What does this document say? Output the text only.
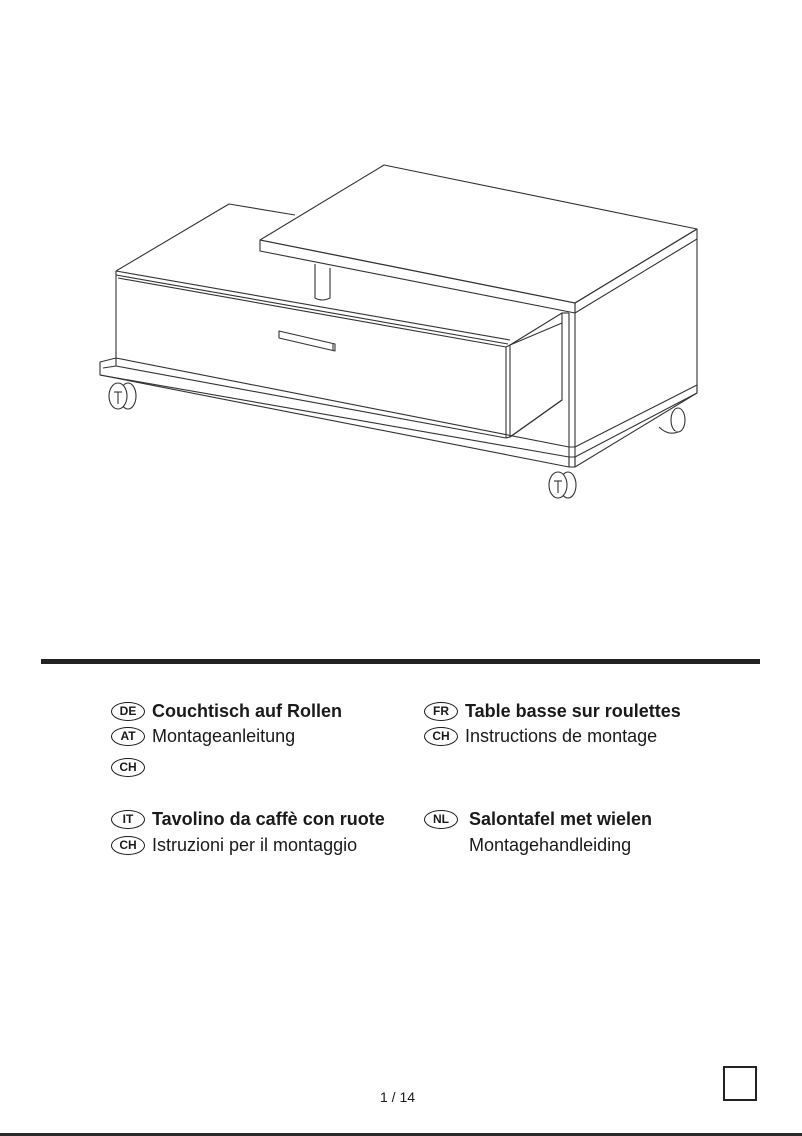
DE Couchtisch auf Rollen
AT Montageanleitung
CH
FR Table basse sur roulettes
CH Instructions de montage
IT	Tavolino da caffè con ruote
CH Istruzioni per il montaggio
NL	Salontafel met wielen
Montagehandleiding
1 / 14
